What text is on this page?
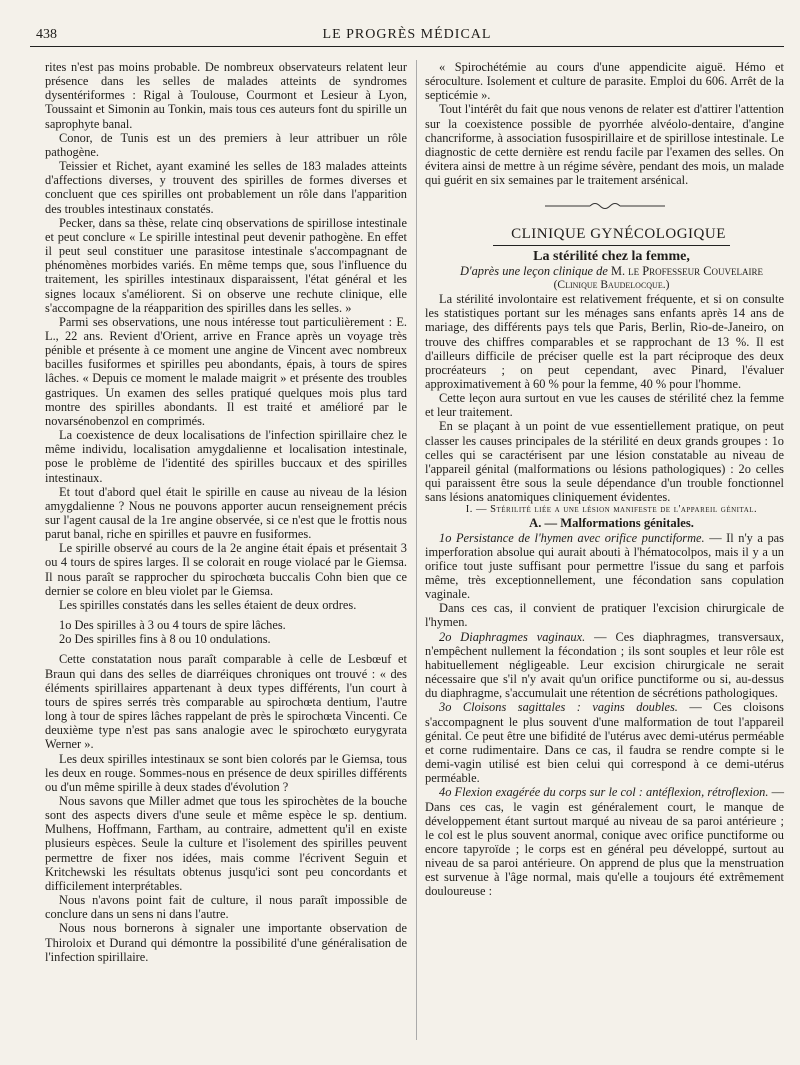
438	LE PROGRÈS MÉDICAL

rites n'est pas moins probable. De nombreux observateurs relatent leur présence dans les selles de malades atteints de syndromes dysentériformes : Rigal à Toulouse, Courmont et Lesieur à Lyon, Toussaint et Simonin au Tonkin, mais tous ces auteurs font du spirille un saprophyte banal.

Conor, de Tunis est un des premiers à leur attribuer un rôle pathogène.

Teissier et Richet, ayant examiné les selles de 183 malades atteints d'affections diverses, y trouvent des spirilles de formes diverses et concluent que ces spirilles ont probablement un rôle dans l'apparition des troubles intestinaux constatés.

Pecker, dans sa thèse, relate cinq observations de spirillose intestinale et peut conclure « Le spirille intestinal peut devenir pathogène. En effet il peut seul constituer une parasitose intestinale s'accompagnant de phénomènes morbides variés. En même temps que, sous l'influence du traitement, les spirilles intestinaux disparaissent, l'état général et les signes locaux s'améliorent. Si on observe une rechute clinique, elle s'accompagne de la réapparition des spirilles dans les selles. »

Parmi ses observations, une nous intéresse tout particulièrement : E. L., 22 ans. Revient d'Orient, arrive en France après un voyage très pénible et présente à ce moment une angine de Vincent avec nombreux bacilles fusiformes et spirilles peu abondants, épais, à tours de spires lâches. « Depuis ce moment le malade maigrit » et présente des troubles gastriques. Un examen des selles pratiqué quelques mois plus tard montre des spirilles abondants. Il est traité et amélioré par le novarsénobenzol en comprimés.

La coexistence de deux localisations de l'infection spirillaire chez le même individu, localisation amygdalienne et localisation intestinale, pose le problème de l'identité des spirilles buccaux et des spirilles intestinaux.

Et tout d'abord quel était le spirille en cause au niveau de la lésion amygdalienne ? Nous ne pouvons apporter aucun renseignement précis sur l'agent causal de la 1re angine observée, si ce n'est que le frottis nous parut banal, riche en spirilles et pauvre en fusiformes.

Le spirille observé au cours de la 2e angine était épais et présentait 3 ou 4 tours de spires larges. Il se colorait en rouge violacé par le Giemsa. Il nous paraît se rapprocher du spirochœta buccalis Cohn bien que ce dernier se colore en bleu violet par le Giemsa.

Les spirilles constatés dans les selles étaient de deux ordres.

1o Des spirilles à 3 ou 4 tours de spire lâches.

2o Des spirilles fins à 8 ou 10 ondulations.

Cette constatation nous paraît comparable à celle de Lesbœuf et Braun qui dans des selles de diarréiques chroniques ont trouvé : « des éléments spirillaires appartenant à deux types différents, l'un court à tours de spires serrés très comparable au spirochœta dentium, l'autre long à tour de spires lâches rappelant de près le spirochœta Vincenti. Ce deuxième type n'est pas sans analogie avec le spirochœto eurygyrata Werner ».

Les deux spirilles intestinaux se sont bien colorés par le Giemsa, tous les deux en rouge. Sommes-nous en présence de deux spirilles différents ou d'un même spirille à deux stades d'évolution ?

Nous savons que Miller admet que tous les spirochètes de la bouche sont des aspects divers d'une seule et même espèce le sp. dentium. Mulhens, Hoffmann, Fartham, au contraire, admettent qu'il en existe plusieurs espèces. Seule la culture et l'isolement des spirilles peuvent permettre de fixer nos idées, mais comme l'écrivent Seguin et Kritchewski les résultats obtenus jusqu'ici sont peu concordants et difficilement interprétables.

Nous n'avons point fait de culture, il nous paraît impossible de conclure dans un sens ni dans l'autre.

Nous nous bornerons à signaler une importante observation de Thiroloix et Durand qui démontre la possibilité d'une généralisation de l'infection spirillaire.

« Spirochétémie au cours d'une appendicite aiguë. Hémo et séroculture. Isolement et culture de parasite. Emploi du 606. Arrêt de la septicémie ».

Tout l'intérêt du fait que nous venons de relater est d'attirer l'attention sur la coexistence possible de pyorrhée alvéolo-dentaire, d'angine chancriforme, à association fusospirillaire et de spirillose intestinale. Le diagnostic de cette dernière est rendu facile par l'examen des selles. On évitera ainsi de mettre à un régime sévère, pendant des mois, un malade qui guérit en six semaines par le traitement arsénical.

CLINIQUE GYNÉCOLOGIQUE

La stérilité chez la femme,

D'après une leçon clinique de M. le Professeur Couvelaire

(Clinique Baudelocque.)

La stérilité involontaire est relativement fréquente, et si on consulte les statistiques portant sur les ménages sans enfants après 14 ans de mariage, des différents pays tels que Paris, Berlin, Rio-de-Janeiro, on trouve des chiffres comparables et se rapprochant de 13 %. Il est d'ailleurs difficile de préciser quelle est la part réciproque des deux procréateurs ; on peut cependant, avec Pinard, l'évaluer approximativement à 60 % pour la femme, 40 % pour l'homme.

Cette leçon aura surtout en vue les causes de stérilité chez la femme et leur traitement.

En se plaçant à un point de vue essentiellement pratique, on peut classer les causes principales de la stérilité en deux grands groupes : 1o celles qui se caractérisent par une lésion constatable au niveau de l'appareil génital (malformations ou lésions pathologiques) : 2o celles qui paraissent être sous la seule dépendance d'un trouble fonctionnel sans lésions anatomiques cliniquement évidentes.

I. — Stérilité liée a une lésion manifeste de l'appareil génital.

A. — Malformations génitales.

1o Persistance de l'hymen avec orifice punctiforme. — Il n'y a pas imperforation absolue qui aurait abouti à l'hématocolpos, mais il y a un orifice tout juste suffisant pour permettre l'issue du sang et parfois même, très exceptionnellement, une fécondation sans copulation vaginale.

Dans ces cas, il convient de pratiquer l'excision chirurgicale de l'hymen.

2o Diaphragmes vaginaux. — Ces diaphragmes, transversaux, n'empêchent nullement la fécondation ; ils sont souples et leur rôle est habituellement négligeable. Leur excision chirurgicale ne serait nécessaire que s'il n'y avait qu'un orifice punctiforme ou si, au-dessus du diaphragme, s'accumulait une rétention de sécrétions pathologiques.

3o Cloisons sagittales : vagins doubles. — Ces cloisons s'accompagnent le plus souvent d'une malformation de tout l'appareil génital. Ce peut être une bifidité de l'utérus avec demi-utérus perméable et corne rudimentaire. Dans ce cas, il faudra se rendre compte si le demi-vagin utilisé est bien celui qui correspond à ce demi-utérus perméable.

4o Flexion exagérée du corps sur le col : antéflexion, rétroflexion. — Dans ces cas, le vagin est généralement court, le manque de développement étant surtout marqué au niveau de sa paroi antérieure ; le col est le plus souvent anormal, conique avec orifice punctiforme ou encore tapyroïde ; le corps est en général peu développé, surtout au niveau de sa paroi antérieure. On apprend de plus que la menstruation est survenue à l'âge normal, mais qu'elle a toujours été extrêmement douloureuse :
